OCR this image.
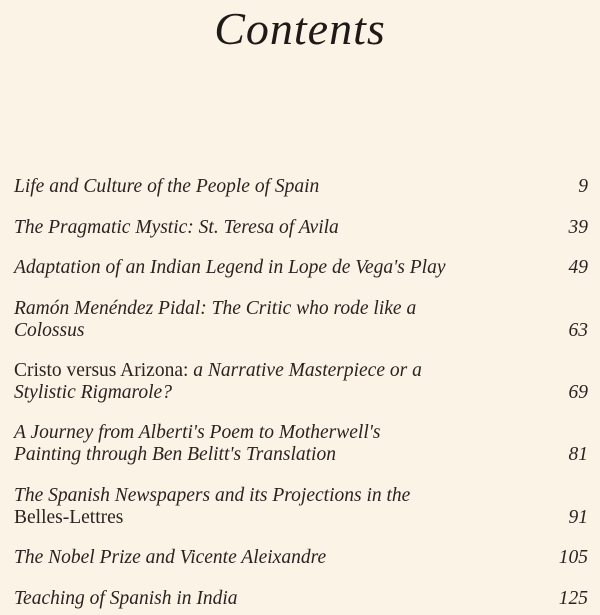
Contents
Life and Culture of the People of Spain	9
The Pragmatic Mystic: St. Teresa of Avila	39
Adaptation of an Indian Legend in Lope de Vega's Play	49
Ramón Menéndez Pidal: The Critic who rode like a Colossus	63
Cristo versus Arizona: a Narrative Masterpiece or a Stylistic Rigmarole?	69
A Journey from Alberti's Poem to Motherwell's Painting through Ben Belitt's Translation	81
The Spanish Newspapers and its Projections in the Belles-Lettres	91
The Nobel Prize and Vicente Aleixandre	105
Teaching of Spanish in India	125
